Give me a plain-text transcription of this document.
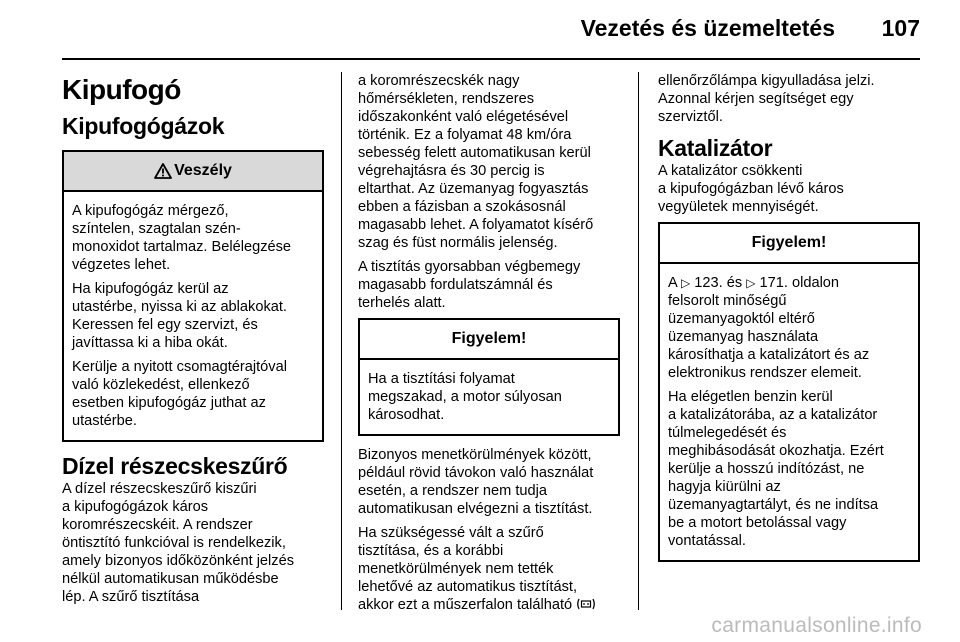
Vezetés és üzemeltetés 107
Kipufogó
Kipufogógázok
Veszély

A kipufogógáz mérgező,
színtelen, szagtalan szén-
monoxidot tartalmaz. Belélegzése
végzetes lehet.

Ha kipufogógáz kerül az
utastérbe, nyissa ki az ablakokat.
Keressen fel egy szervizt, és
javíttassa ki a hiba okát.

Kerülje a nyitott csomagtérajtóval
való közlekedést, ellenkező
esetben kipufogógáz juthat az
utastérbe.

Dízel részecskeszűrő

A dízel részecskeszűrő kiszűri
a kipufogógázok káros
koromrészecskéit. A rendszer
öntisztító funkcióval is rendelkezik,
amely bizonyos időközönként jelzés
nélkül automatikusan működésbe
lép. A szűrő tisztítása

a koromrészecskék nagy
hőmérsékleten, rendszeres
időszakonként való elégetésével
történik. Ez a folyamat 48 km/óra
sebesség felett automatikusan kerül
végrehajtásra és 30 percig is
eltarthat. Az üzemanyag fogyasztás
ebben a fázisban a szokásosnál
magasabb lehet. A folyamatot kísérő
szag és füst normális jelenség.

A tisztítás gyorsabban végbemegy
magasabb fordulatszámnál és
terhelés alatt.

Figyelem!

Ha a tisztítási folyamat
megszakad, a motor súlyosan
károsodhat.

Bizonyos menetkörülmények között,
például rövid távokon való használat
esetén, a rendszer nem tudja
automatikusan elvégezni a tisztítást.

Ha szükségessé vált a szűrő
tisztítása, és a korábbi
menetkörülmények nem tették
lehetővé az automatikus tisztítást,
akkor ezt a műszerfalon található

ellenőrzőlámpa kigyulladása jelzi.
Azonnal kérjen segítséget egy
szerviztől.

Katalizátor

A katalizátor csökkenti
a kipufogógázban lévő káros
vegyületek mennyiségét.

Figyelem!

A ▷ 123. és ▷ 171. oldalon
felsorolt minőségű
üzemanyagoktól eltérő
üzemanyag használata
károsíthatja a katalizátort és az
elektronikus rendszer elemeit.

Ha elégetlen benzin kerül
a katalizátorába, az a katalizátor
túlmelegedését és
meghibásodását okozhatja. Ezért
kerülje a hosszú indítózást, ne
hagyja kiürülni az
üzemanyagtartályt, és ne indítsa
be a motort betolással vagy
vontatással.

carmanualsonline.info
